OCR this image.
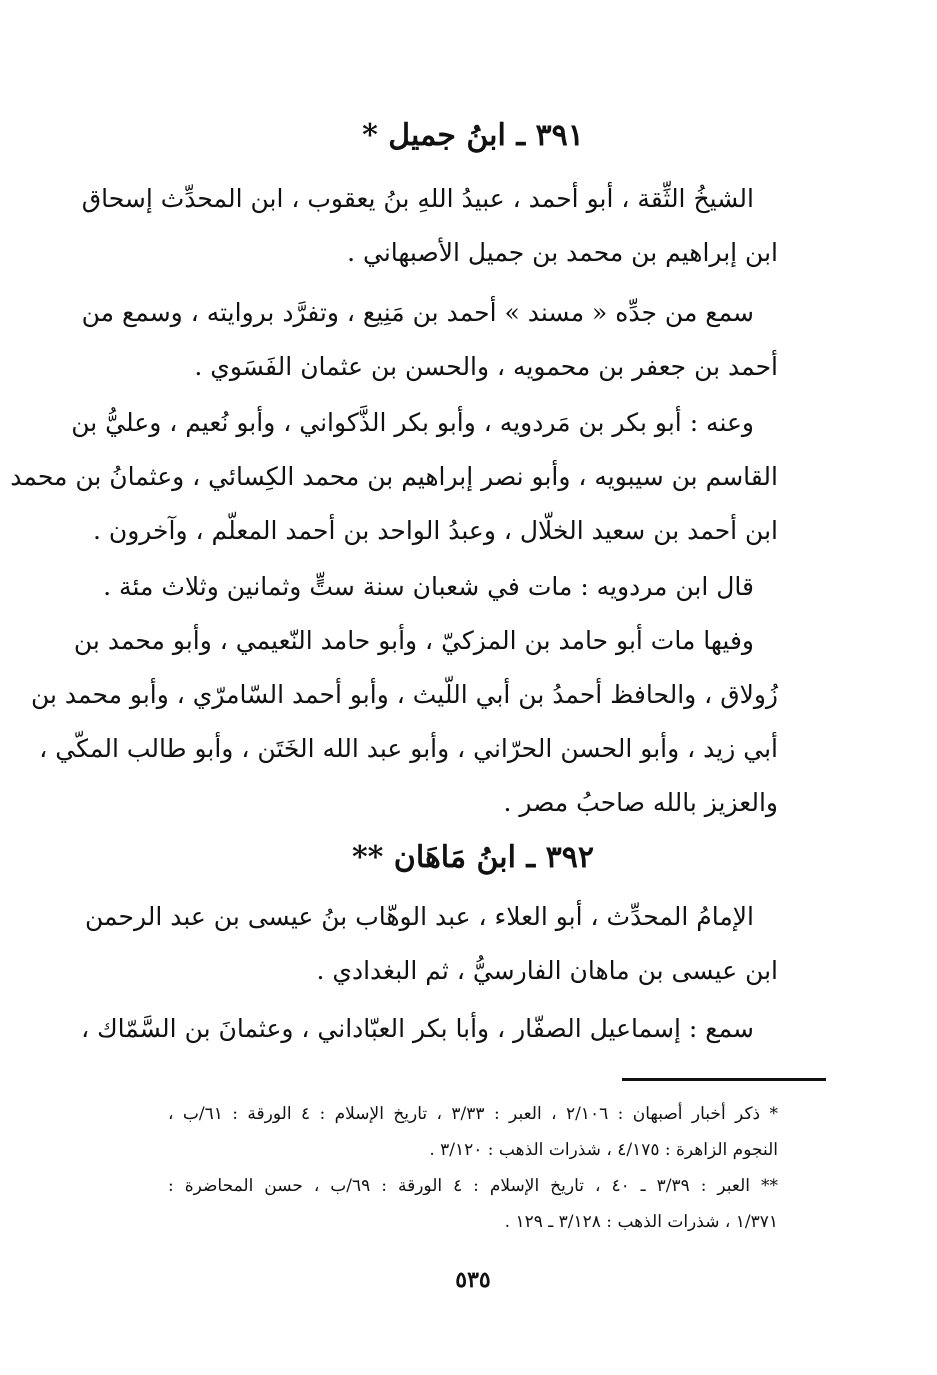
٣٩١ ـ ابنُ جميل *
الشيخُ الثِّقة ، أبو أحمد ، عبيدُ اللهِ بنُ يعقوب ، ابن المحدِّث إسحاق
ابن إبراهيم بن محمد بن جميل الأصبهاني .
سمع من جدِّه « مسند » أحمد بن مَنِيع ، وتفرَّد بروايته ، وسمع من
أحمد بن جعفر بن محمويه ، والحسن بن عثمان الفَسَوي .
وعنه : أبو بكر بن مَردويه ، وأبو بكر الذَّكواني ، وأبو نُعيم ، وعليُّ بن
القاسم بن سيبويه ، وأبو نصر إبراهيم بن محمد الكِسائي ، وعثمانُ بن محمد
ابن أحمد بن سعيد الخلّال ، وعبدُ الواحد بن أحمد المعلّم ، وآخرون .
قال ابن مردويه : مات في شعبان سنة ستٍّ وثمانين وثلاث مئة .
وفيها مات أبو حامد بن المزكيّ ، وأبو حامد النّعيمي ، وأبو محمد بن
زُولاق ، والحافظ أحمدُ بن أبي اللّيث ، وأبو أحمد السّامرّي ، وأبو محمد بن
أبي زيد ، وأبو الحسن الحرّاني ، وأبو عبد الله الخَتَن ، وأبو طالب المكّي ،
والعزيز بالله صاحبُ مصر .
٣٩٢ ـ ابنُ مَاهَان **
الإمامُ المحدِّث ، أبو العلاء ، عبد الوهّاب بنُ عيسى بن عبد الرحمن
ابن عيسى بن ماهان الفارسيُّ ، ثم البغدادي .
سمع : إسماعيل الصفّار ، وأبا بكر العبّاداني ، وعثمانَ بن السَّمّاك ،
* ذكر أخبار أصبهان : ٢/١٠٦ ، العبر : ٣/٣٣ ، تاريخ الإسلام : ٤ الورقة : ٦١/ب ،
النجوم الزاهرة : ٤/١٧٥ ، شذرات الذهب : ٣/١٢٠ .
** العبر : ٣/٣٩ ـ ٤٠ ، تاريخ الإسلام : ٤ الورقة : ٦٩/ب ، حسن المحاضرة :
١/٣٧١ ، شذرات الذهب : ٣/١٢٨ ـ ١٢٩ .
٥٣٥
